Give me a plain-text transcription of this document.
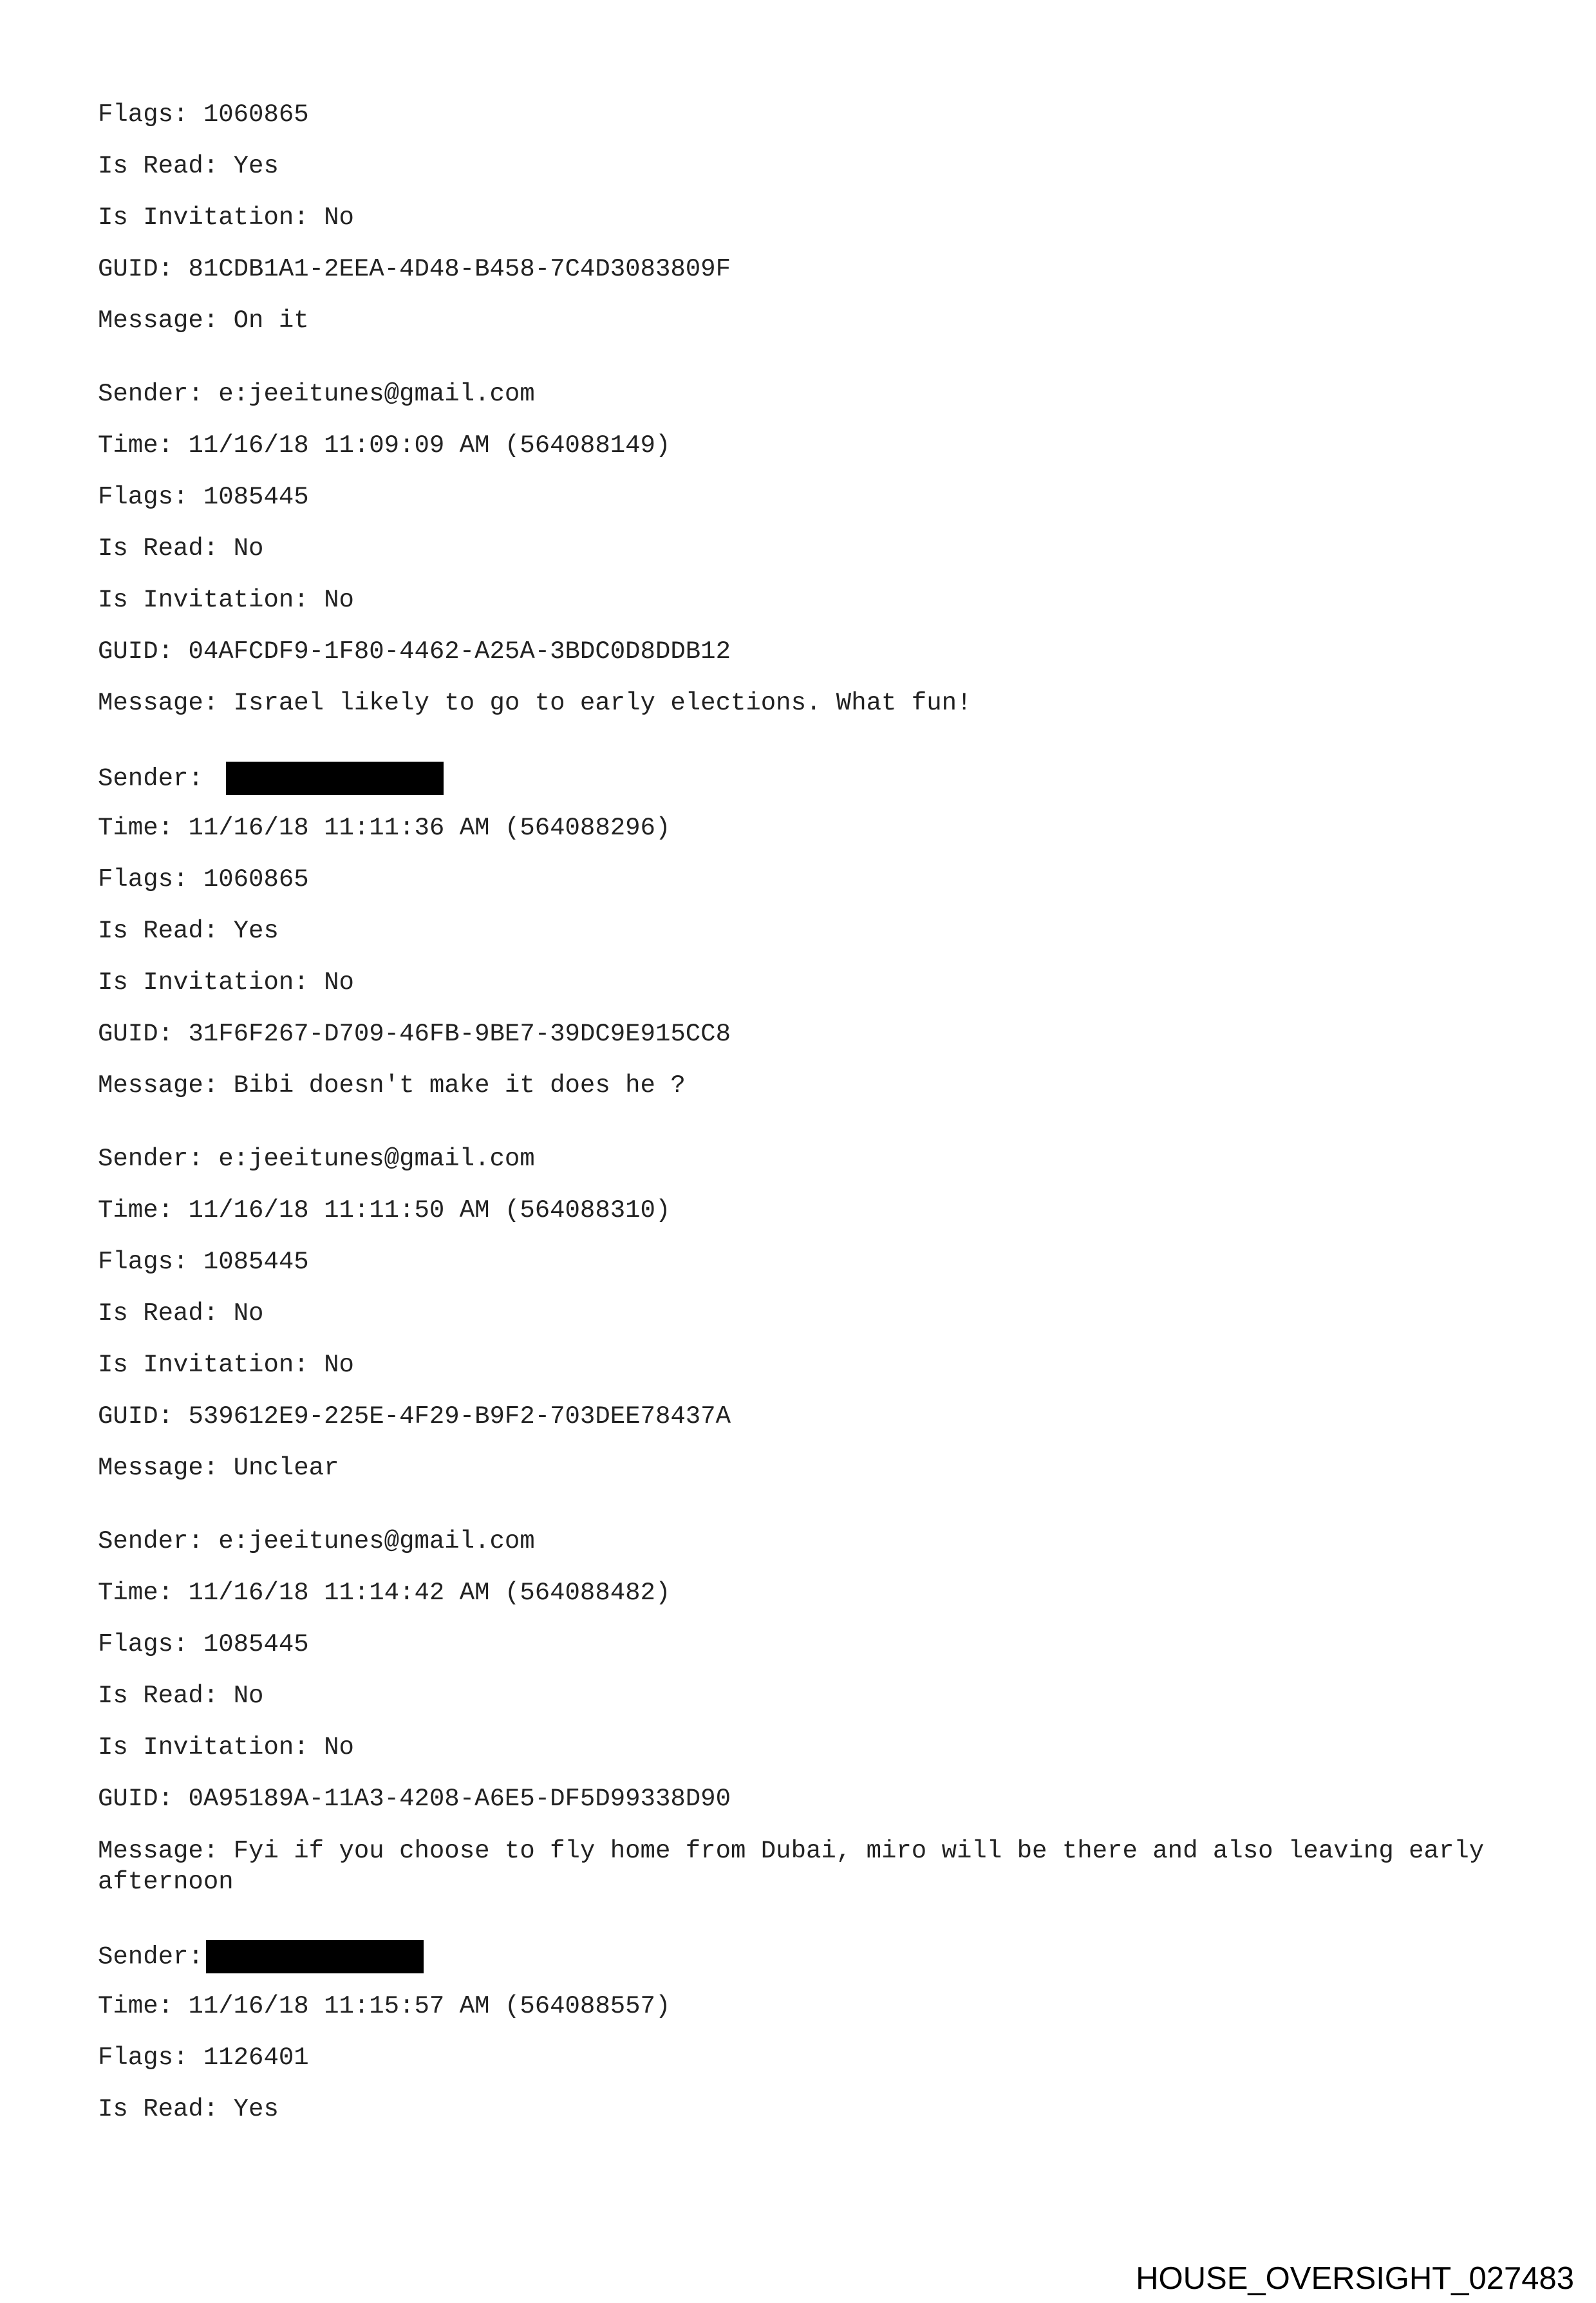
Flags: 1060865
Is Read: Yes
Is Invitation: No
GUID: 81CDB1A1-2EEA-4D48-B458-7C4D3083809F
Message: On it
Sender: e:jeeitunes@gmail.com
Time: 11/16/18 11:09:09 AM (564088149)
Flags: 1085445
Is Read: No
Is Invitation: No
GUID: 04AFCDF9-1F80-4462-A25A-3BDC0D8DDB12
Message: Israel likely to go to early elections. What fun!
Sender:
Time: 11/16/18 11:11:36 AM (564088296)
Flags: 1060865
Is Read: Yes
Is Invitation: No
GUID: 31F6F267-D709-46FB-9BE7-39DC9E915CC8
Message: Bibi doesn't make it does he ?
Sender: e:jeeitunes@gmail.com
Time: 11/16/18 11:11:50 AM (564088310)
Flags: 1085445
Is Read: No
Is Invitation: No
GUID: 539612E9-225E-4F29-B9F2-703DEE78437A
Message: Unclear
Sender: e:jeeitunes@gmail.com
Time: 11/16/18 11:14:42 AM (564088482)
Flags: 1085445
Is Read: No
Is Invitation: No
GUID: 0A95189A-11A3-4208-A6E5-DF5D99338D90
Message: Fyi if you choose to fly home from Dubai, miro will be there and also leaving early afternoon
Sender:
Time: 11/16/18 11:15:57 AM (564088557)
Flags: 1126401
Is Read: Yes
HOUSE_OVERSIGHT_027483
